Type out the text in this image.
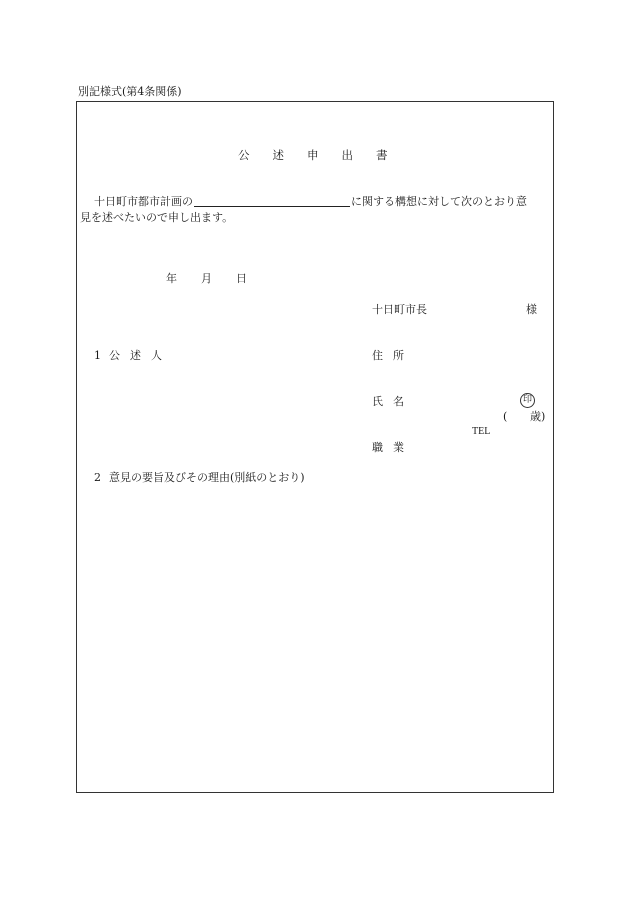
別記様式(第4条関係)
公述申出書
十日町市都市計画の	に関する構想に対して次のとおり意
見を述べたいので申し出ます。
年 月 日
十日町市長	様
1 公述人	住所
氏名	印
( 歳)
TEL
職業
2 意見の要旨及びその理由(別紙のとおり)
